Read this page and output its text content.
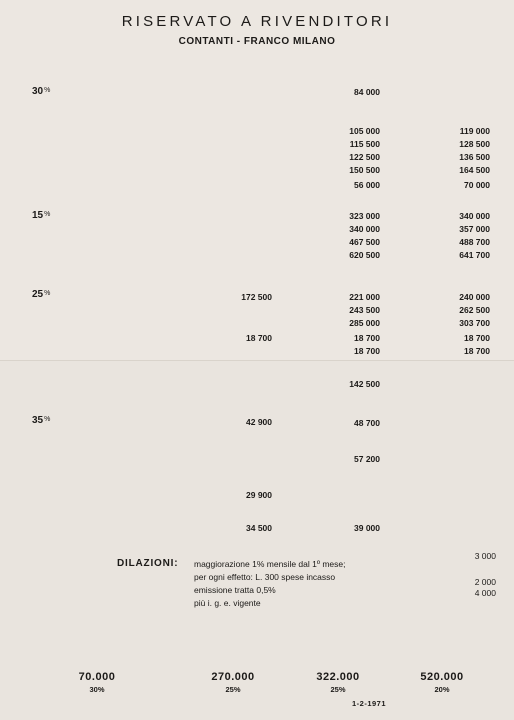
RISERVATO A RIVENDITORI
CONTANTI - FRANCO MILANO
30%
15%
25%
35%
172 500
18 700
42 900
29 900
34 500
84 000
105 000
115 500
122 500
150 500
56 000
323 000
340 000
467 500
620 500
221 000
243 500
285 000
18 700
18 700
142 500
48 700
57 200
39 000
119 000
128 500
136 500
164 500
70 000
340 000
357 000
488 700
641 700
240 000
262 500
303 700
18 700
18 700
DILAZIONI: maggiorazione 1% mensile dal 1º mese;
per ogni effetto: L. 300 spese incasso
emissione tratta 0,5%
più i. g. e. vigente
3 000
2 000
4 000
70.000
30%
270.000
25%
322.000
25%
520.000
20%
1-2-1971
